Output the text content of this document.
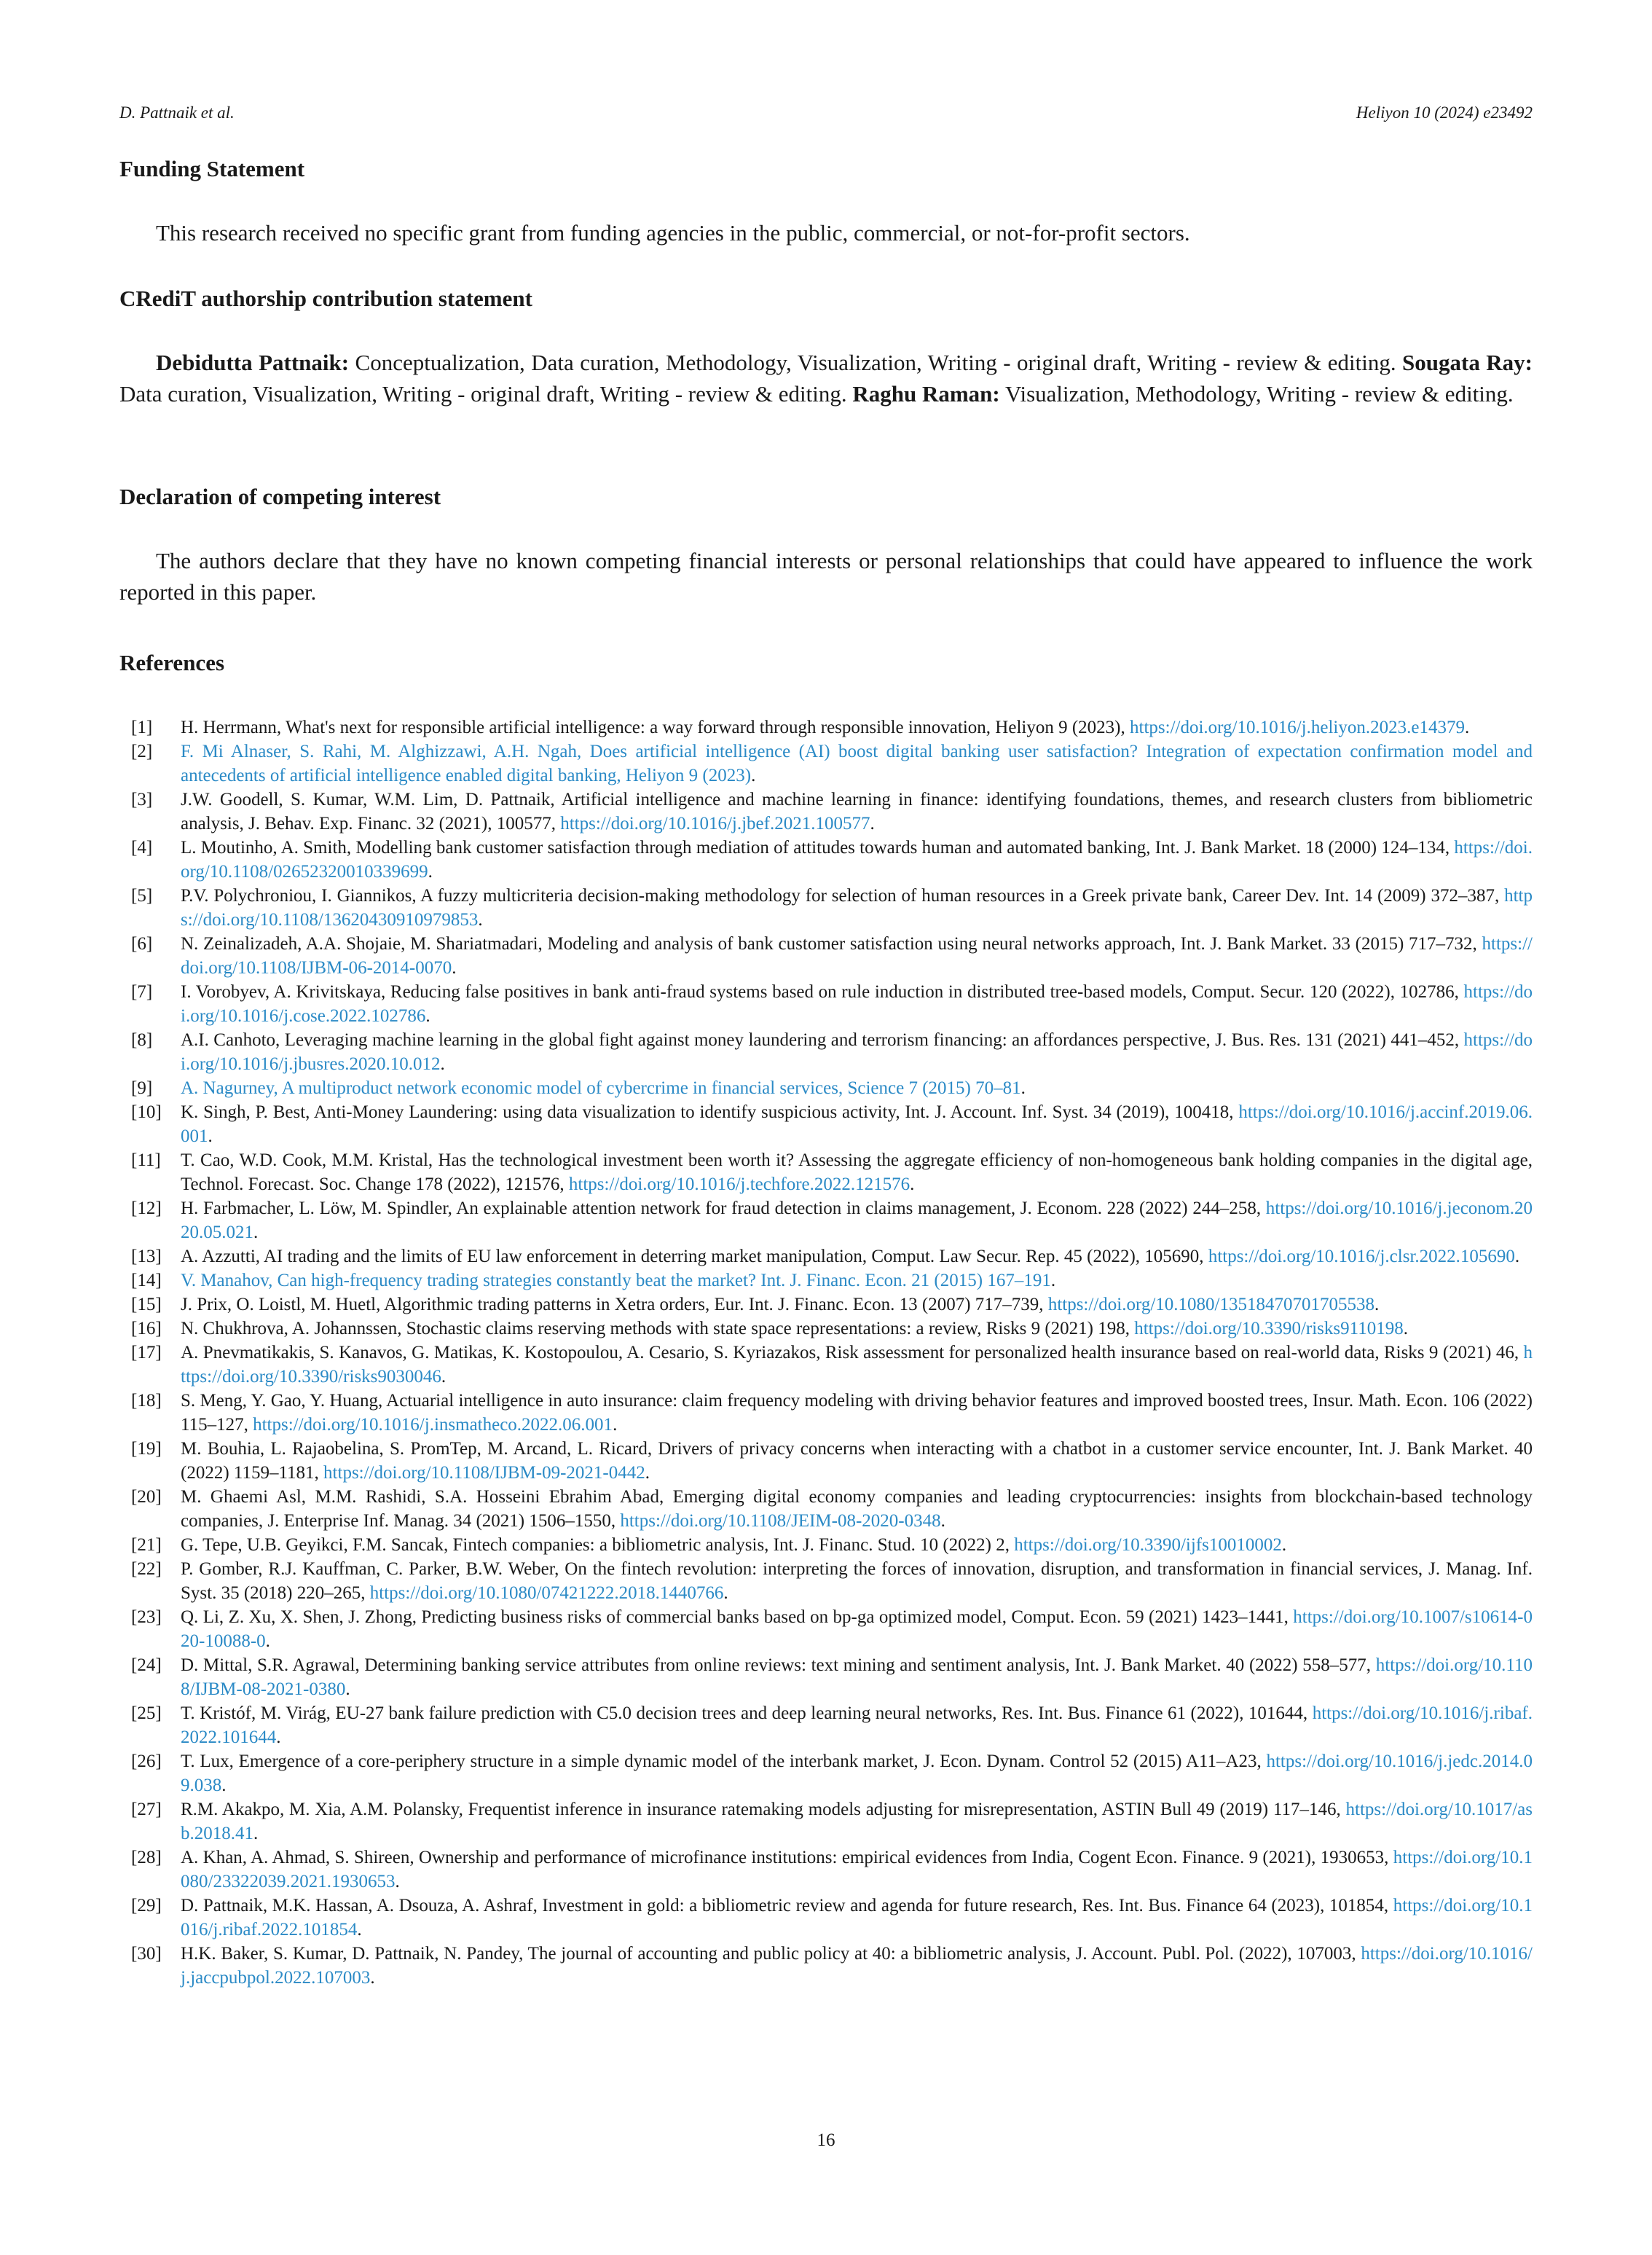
D. Pattnaik et al.	Heliyon 10 (2024) e23492
Funding Statement
This research received no specific grant from funding agencies in the public, commercial, or not-for-profit sectors.
CRediT authorship contribution statement
Debidutta Pattnaik: Conceptualization, Data curation, Methodology, Visualization, Writing - original draft, Writing - review & editing. Sougata Ray: Data curation, Visualization, Writing - original draft, Writing - review & editing. Raghu Raman: Visualization, Methodology, Writing - review & editing.
Declaration of competing interest
The authors declare that they have no known competing financial interests or personal relationships that could have appeared to influence the work reported in this paper.
References
[1] H. Herrmann, What's next for responsible artificial intelligence: a way forward through responsible innovation, Heliyon 9 (2023), https://doi.org/10.1016/j.heliyon.2023.e14379.
[2] F. Mi Alnaser, S. Rahi, M. Alghizzawi, A.H. Ngah, Does artificial intelligence (AI) boost digital banking user satisfaction? Integration of expectation confirmation model and antecedents of artificial intelligence enabled digital banking, Heliyon 9 (2023).
[3] J.W. Goodell, S. Kumar, W.M. Lim, D. Pattnaik, Artificial intelligence and machine learning in finance: identifying foundations, themes, and research clusters from bibliometric analysis, J. Behav. Exp. Financ. 32 (2021), 100577, https://doi.org/10.1016/j.jbef.2021.100577.
[4] L. Moutinho, A. Smith, Modelling bank customer satisfaction through mediation of attitudes towards human and automated banking, Int. J. Bank Market. 18 (2000) 124–134, https://doi.org/10.1108/02652320010339699.
[5] P.V. Polychroniou, I. Giannikos, A fuzzy multicriteria decision-making methodology for selection of human resources in a Greek private bank, Career Dev. Int. 14 (2009) 372–387, https://doi.org/10.1108/13620430910979853.
[6] N. Zeinalizadeh, A.A. Shojaie, M. Shariatmadari, Modeling and analysis of bank customer satisfaction using neural networks approach, Int. J. Bank Market. 33 (2015) 717–732, https://doi.org/10.1108/IJBM-06-2014-0070.
[7] I. Vorobyev, A. Krivitskaya, Reducing false positives in bank anti-fraud systems based on rule induction in distributed tree-based models, Comput. Secur. 120 (2022), 102786, https://doi.org/10.1016/j.cose.2022.102786.
[8] A.I. Canhoto, Leveraging machine learning in the global fight against money laundering and terrorism financing: an affordances perspective, J. Bus. Res. 131 (2021) 441–452, https://doi.org/10.1016/j.jbusres.2020.10.012.
[9] A. Nagurney, A multiproduct network economic model of cybercrime in financial services, Science 7 (2015) 70–81.
[10] K. Singh, P. Best, Anti-Money Laundering: using data visualization to identify suspicious activity, Int. J. Account. Inf. Syst. 34 (2019), 100418, https://doi.org/10.1016/j.accinf.2019.06.001.
[11] T. Cao, W.D. Cook, M.M. Kristal, Has the technological investment been worth it? Assessing the aggregate efficiency of non-homogeneous bank holding companies in the digital age, Technol. Forecast. Soc. Change 178 (2022), 121576, https://doi.org/10.1016/j.techfore.2022.121576.
[12] H. Farbmacher, L. Löw, M. Spindler, An explainable attention network for fraud detection in claims management, J. Econom. 228 (2022) 244–258, https://doi.org/10.1016/j.jeconom.2020.05.021.
[13] A. Azzutti, AI trading and the limits of EU law enforcement in deterring market manipulation, Comput. Law Secur. Rep. 45 (2022), 105690, https://doi.org/10.1016/j.clsr.2022.105690.
[14] V. Manahov, Can high-frequency trading strategies constantly beat the market? Int. J. Financ. Econ. 21 (2015) 167–191.
[15] J. Prix, O. Loistl, M. Huetl, Algorithmic trading patterns in Xetra orders, Eur. Int. J. Financ. Econ. 13 (2007) 717–739, https://doi.org/10.1080/13518470701705538.
[16] N. Chukhrova, A. Johannssen, Stochastic claims reserving methods with state space representations: a review, Risks 9 (2021) 198, https://doi.org/10.3390/risks9110198.
[17] A. Pnevmatikakis, S. Kanavos, G. Matikas, K. Kostopoulou, A. Cesario, S. Kyriazakos, Risk assessment for personalized health insurance based on real-world data, Risks 9 (2021) 46, https://doi.org/10.3390/risks9030046.
[18] S. Meng, Y. Gao, Y. Huang, Actuarial intelligence in auto insurance: claim frequency modeling with driving behavior features and improved boosted trees, Insur. Math. Econ. 106 (2022) 115–127, https://doi.org/10.1016/j.insmatheco.2022.06.001.
[19] M. Bouhia, L. Rajaobelina, S. PromTep, M. Arcand, L. Ricard, Drivers of privacy concerns when interacting with a chatbot in a customer service encounter, Int. J. Bank Market. 40 (2022) 1159–1181, https://doi.org/10.1108/IJBM-09-2021-0442.
[20] M. Ghaemi Asl, M.M. Rashidi, S.A. Hosseini Ebrahim Abad, Emerging digital economy companies and leading cryptocurrencies: insights from blockchain-based technology companies, J. Enterprise Inf. Manag. 34 (2021) 1506–1550, https://doi.org/10.1108/JEIM-08-2020-0348.
[21] G. Tepe, U.B. Geyikci, F.M. Sancak, Fintech companies: a bibliometric analysis, Int. J. Financ. Stud. 10 (2022) 2, https://doi.org/10.3390/ijfs10010002.
[22] P. Gomber, R.J. Kauffman, C. Parker, B.W. Weber, On the fintech revolution: interpreting the forces of innovation, disruption, and transformation in financial services, J. Manag. Inf. Syst. 35 (2018) 220–265, https://doi.org/10.1080/07421222.2018.1440766.
[23] Q. Li, Z. Xu, X. Shen, J. Zhong, Predicting business risks of commercial banks based on bp-ga optimized model, Comput. Econ. 59 (2021) 1423–1441, https://doi.org/10.1007/s10614-020-10088-0.
[24] D. Mittal, S.R. Agrawal, Determining banking service attributes from online reviews: text mining and sentiment analysis, Int. J. Bank Market. 40 (2022) 558–577, https://doi.org/10.1108/IJBM-08-2021-0380.
[25] T. Kristóf, M. Virág, EU-27 bank failure prediction with C5.0 decision trees and deep learning neural networks, Res. Int. Bus. Finance 61 (2022), 101644, https://doi.org/10.1016/j.ribaf.2022.101644.
[26] T. Lux, Emergence of a core-periphery structure in a simple dynamic model of the interbank market, J. Econ. Dynam. Control 52 (2015) A11–A23, https://doi.org/10.1016/j.jedc.2014.09.038.
[27] R.M. Akakpo, M. Xia, A.M. Polansky, Frequentist inference in insurance ratemaking models adjusting for misrepresentation, ASTIN Bull 49 (2019) 117–146, https://doi.org/10.1017/asb.2018.41.
[28] A. Khan, A. Ahmad, S. Shireen, Ownership and performance of microfinance institutions: empirical evidences from India, Cogent Econ. Finance. 9 (2021), 1930653, https://doi.org/10.1080/23322039.2021.1930653.
[29] D. Pattnaik, M.K. Hassan, A. Dsouza, A. Ashraf, Investment in gold: a bibliometric review and agenda for future research, Res. Int. Bus. Finance 64 (2023), 101854, https://doi.org/10.1016/j.ribaf.2022.101854.
[30] H.K. Baker, S. Kumar, D. Pattnaik, N. Pandey, The journal of accounting and public policy at 40: a bibliometric analysis, J. Account. Publ. Pol. (2022), 107003, https://doi.org/10.1016/j.jaccpubpol.2022.107003.
16
